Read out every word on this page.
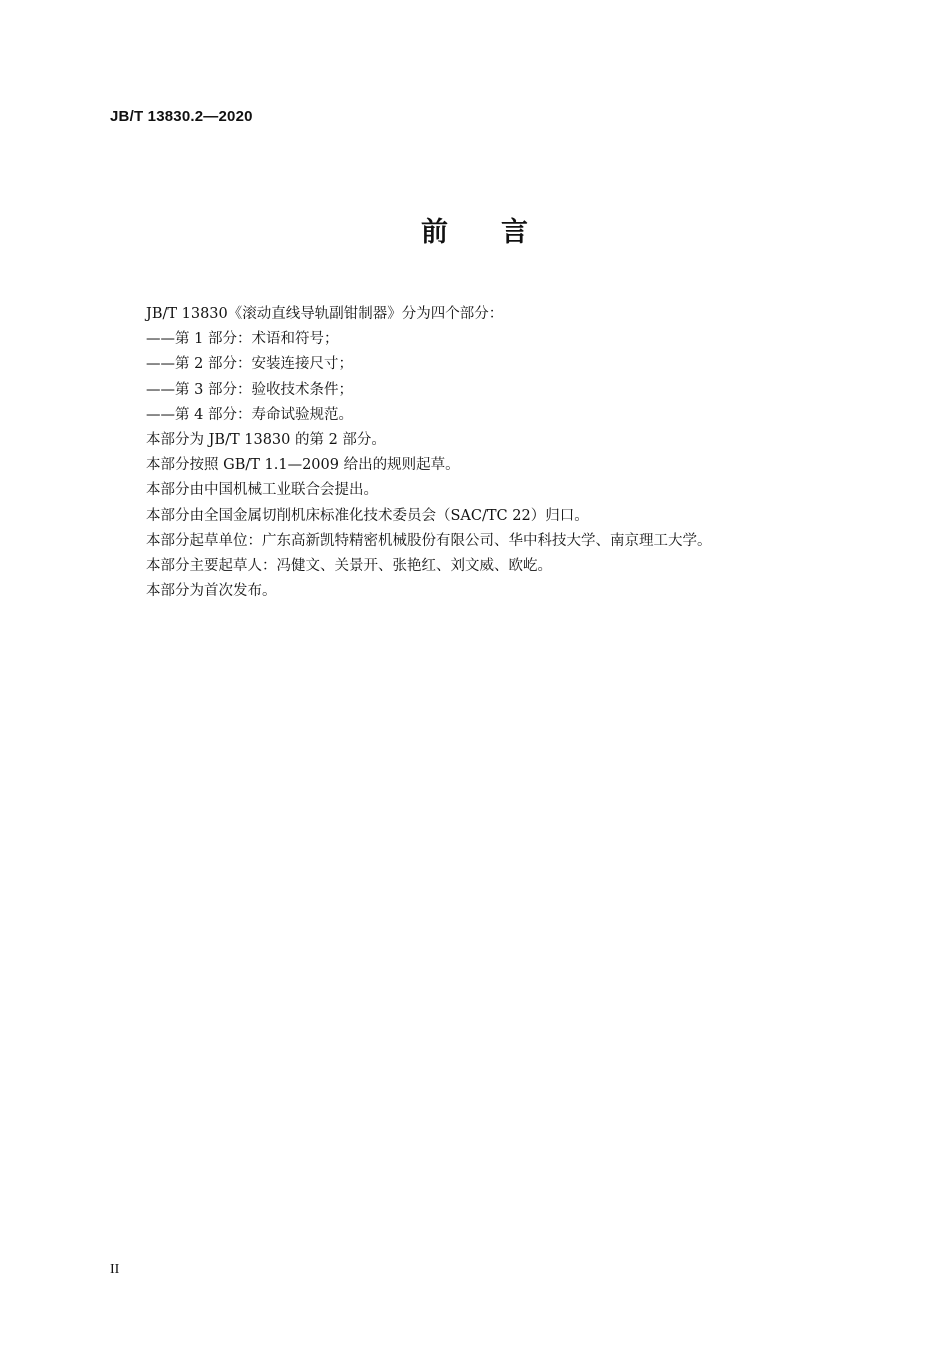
JB/T 13830.2—2020
前 言
JB/T 13830《滚动直线导轨副钳制器》分为四个部分：
——第 1 部分：术语和符号；
——第 2 部分：安装连接尺寸；
——第 3 部分：验收技术条件；
——第 4 部分：寿命试验规范。
本部分为 JB/T 13830 的第 2 部分。
本部分按照 GB/T 1.1—2009 给出的规则起草。
本部分由中国机械工业联合会提出。
本部分由全国金属切削机床标准化技术委员会（SAC/TC 22）归口。
本部分起草单位：广东高新凯特精密机械股份有限公司、华中科技大学、南京理工大学。
本部分主要起草人：冯健文、关景开、张艳红、刘文威、欧屹。
本部分为首次发布。
II
